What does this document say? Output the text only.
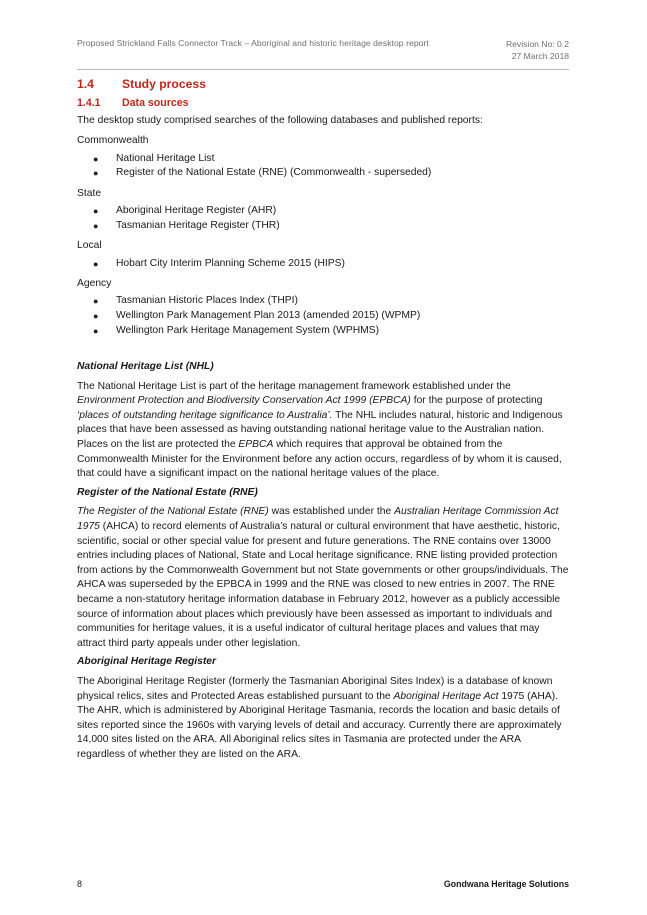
Proposed Strickland Falls Connector Track – Aboriginal and historic heritage desktop report	Revision No: 0.2
27 March 2018
1.4 Study process
1.4.1 Data sources

The desktop study comprised searches of the following databases and published reports:

Commonwealth

● National Heritage List
● Register of the National Estate (RNE) (Commonwealth - superseded)

State

● Aboriginal Heritage Register (AHR)
● Tasmanian Heritage Register (THR)

Local

● Hobart City Interim Planning Scheme 2015 (HIPS)

Agency

● Tasmanian Historic Places Index (THPI)
● Wellington Park Management Plan 2013 (amended 2015) (WPMP)
● Wellington Park Heritage Management System (WPHMS)

National Heritage List (NHL)

The National Heritage List is part of the heritage management framework established under the Environment Protection and Biodiversity Conservation Act 1999 (EPBCA) for the purpose of protecting ‘places of outstanding heritage significance to Australia’. The NHL includes natural, historic and Indigenous places that have been assessed as having outstanding national heritage value to the Australian nation. Places on the list are protected the EPBCA which requires that approval be obtained from the Commonwealth Minister for the Environment before any action occurs, regardless of by whom it is caused, that could have a significant impact on the national heritage values of the place.

Register of the National Estate (RNE)

The Register of the National Estate (RNE) was established under the Australian Heritage Commission Act 1975 (AHCA) to record elements of Australia’s natural or cultural environment that have aesthetic, historic, scientific, social or other special value for present and future generations. The RNE contains over 13000 entries including places of National, State and Local heritage significance. RNE listing provided protection from actions by the Commonwealth Government but not State governments or other groups/individuals. The AHCA was superseded by the EPBCA in 1999 and the RNE was closed to new entries in 2007. The RNE became a non-statutory heritage information database in February 2012, however as a publicly accessible source of information about places which previously have been assessed as important to individuals and communities for heritage values, it is a useful indicator of cultural heritage places and values that may attract third party appeals under other legislation.

Aboriginal Heritage Register

The Aboriginal Heritage Register (formerly the Tasmanian Aboriginal Sites Index) is a database of known physical relics, sites and Protected Areas established pursuant to the Aboriginal Heritage Act 1975 (AHA). The AHR, which is administered by Aboriginal Heritage Tasmania, records the location and basic details of sites reported since the 1960s with varying levels of detail and accuracy. Currently there are approximately 14,000 sites listed on the ARA. All Aboriginal relics sites in Tasmania are protected under the ARA regardless of whether they are listed on the ARA.

8	Gondwana Heritage Solutions
